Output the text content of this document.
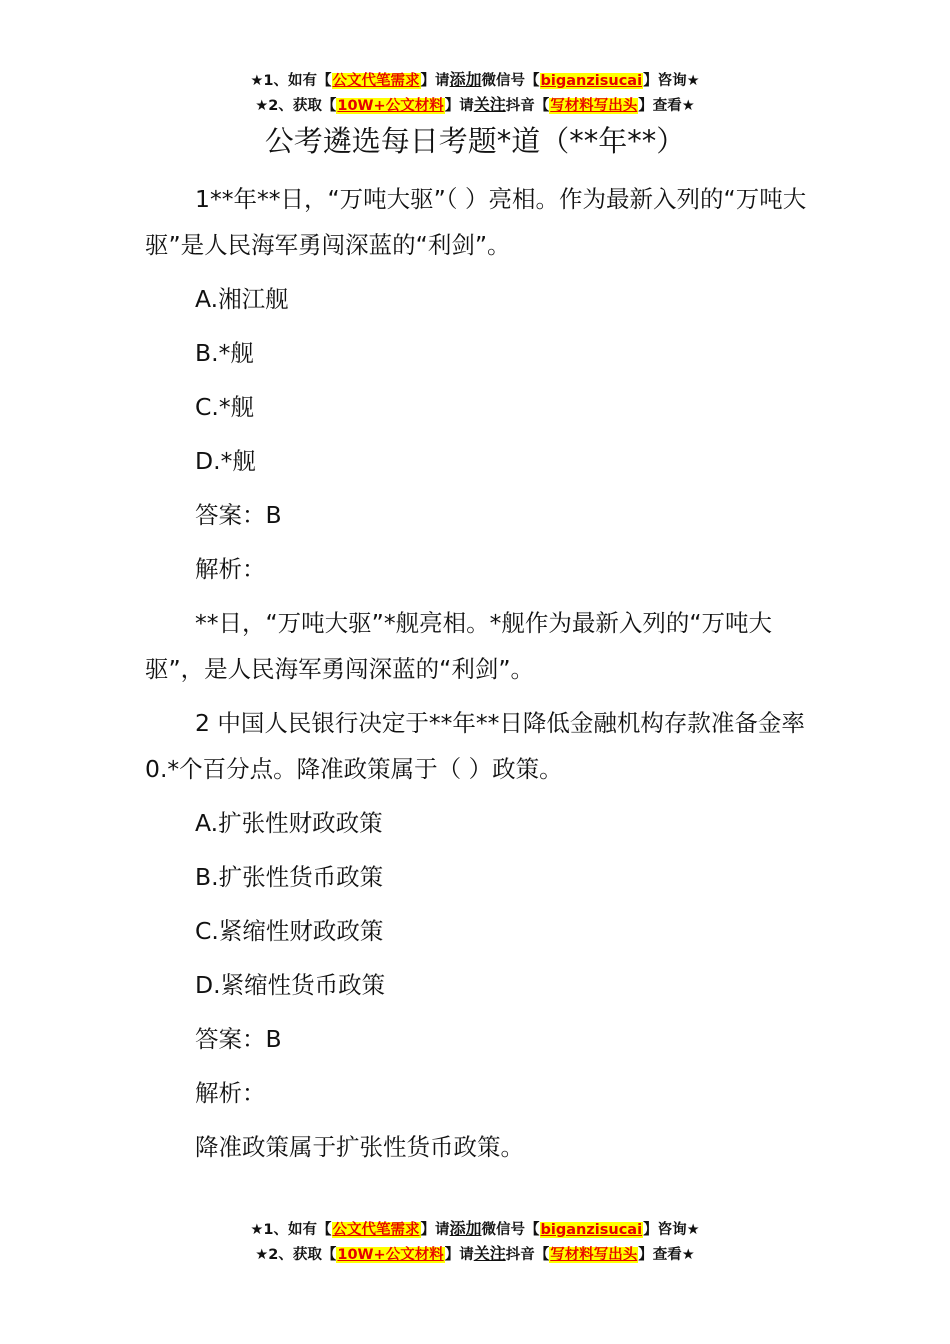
★1、如有【公文代笔需求】请添加微信号【biganzisucai】咨询★
★2、获取【10W+公文材料】请关注抖音【写材料写出头】查看★
公考遴选每日考题*道（**年**）

1**年**日，“万吨大驱”（ ）亮相。作为最新入列的“万吨大驱”是人民海军勇闯深蓝的“利剑”。

A.湘江舰

B.*舰

C.*舰

D.*舰

答案：B

解析：

**日，“万吨大驱”*舰亮相。*舰作为最新入列的“万吨大驱”，是人民海军勇闯深蓝的“利剑”。

2 中国人民银行决定于**年**日降低金融机构存款准备金率 0.*个百分点。降准政策属于（ ）政策。

A.扩张性财政政策

B.扩张性货币政策

C.紧缩性财政政策

D.紧缩性货币政策

答案：B

解析：

降准政策属于扩张性货币政策。

★1、如有【公文代笔需求】请添加微信号【biganzisucai】咨询★
★2、获取【10W+公文材料】请关注抖音【写材料写出头】查看★
